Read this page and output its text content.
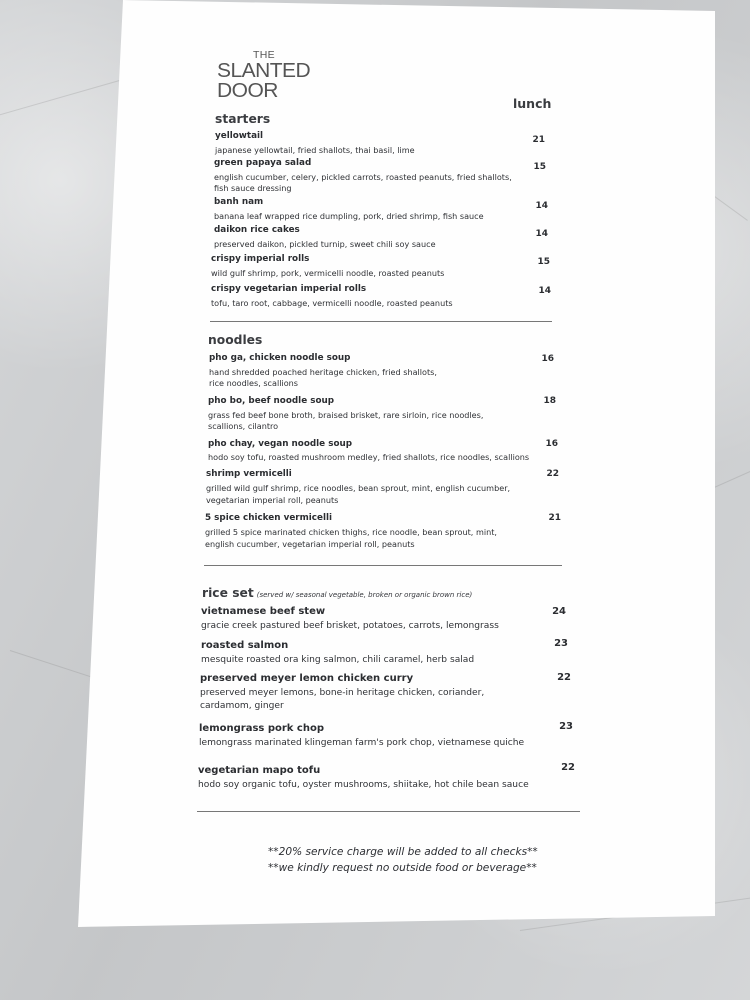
THE
SLANTED
DOOR
lunch
starters
yellowtail
japanese yellowtail, fried shallots, thai basil, lime
21
green papaya salad
english cucumber, celery, pickled carrots, roasted peanuts, fried shallots,
fish sauce dressing
15
banh nam
banana leaf wrapped rice dumpling, pork, dried shrimp, fish sauce
14
daikon rice cakes
preserved daikon, pickled turnip, sweet chili soy sauce
14
crispy imperial rolls
wild gulf shrimp, pork, vermicelli noodle, roasted peanuts
15
crispy vegetarian imperial rolls
tofu, taro root, cabbage, vermicelli noodle, roasted peanuts
14
noodles
pho ga, chicken noodle soup
hand shredded poached heritage chicken, fried shallots,
rice noodles, scallions
16
pho bo, beef noodle soup
grass fed beef bone broth, braised brisket, rare sirloin, rice noodles,
scallions, cilantro
18
pho chay, vegan noodle soup
hodo soy tofu, roasted mushroom medley, fried shallots, rice noodles, scallions
16
shrimp vermicelli
grilled wild gulf shrimp, rice noodles, bean sprout, mint, english cucumber,
vegetarian imperial roll, peanuts
22
5 spice chicken vermicelli
grilled 5 spice marinated chicken thighs, rice noodle, bean sprout, mint,
english cucumber, vegetarian imperial roll, peanuts
21
rice set (served w/ seasonal vegetable, broken or organic brown rice)
vietnamese beef stew
gracie creek pastured beef brisket, potatoes, carrots, lemongrass
24
roasted salmon
mesquite roasted ora king salmon, chili caramel, herb salad
23
preserved meyer lemon chicken curry
preserved meyer lemons, bone-in heritage chicken, coriander,
cardamom, ginger
22
lemongrass pork chop
lemongrass marinated klingeman farm's pork chop, vietnamese quiche
23
vegetarian mapo tofu
hodo soy organic tofu, oyster mushrooms, shiitake, hot chile bean sauce
22
**20% service charge will be added to all checks**
**we kindly request no outside food or beverage**
